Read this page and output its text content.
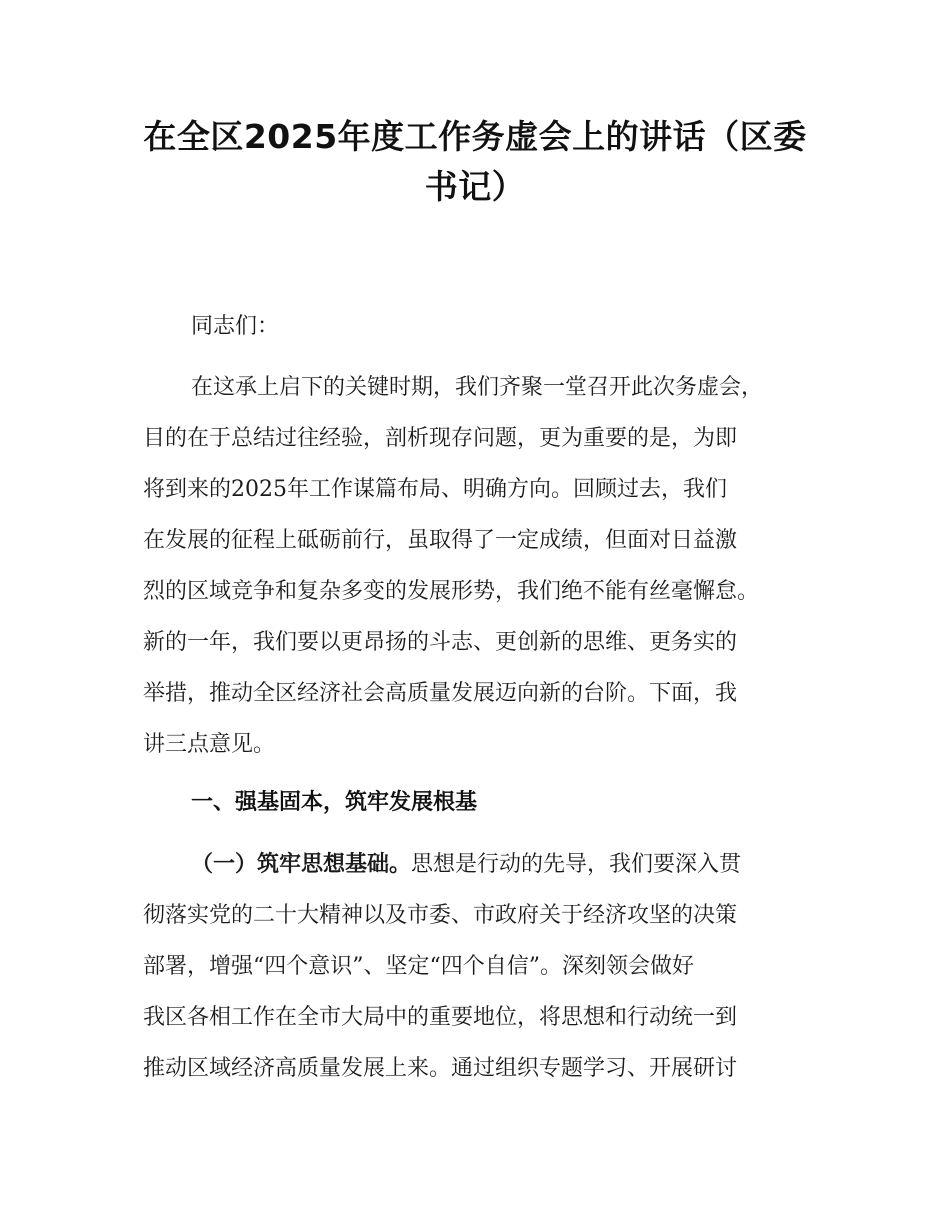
在全区2025年度工作务虚会上的讲话（区委
书记）
同志们：
在这承上启下的关键时期，我们齐聚一堂召开此次务虚会，
目的在于总结过往经验，剖析现存问题，更为重要的是，为即
将到来的2025年工作谋篇布局、明确方向。回顾过去，我们
在发展的征程上砥砺前行，虽取得了一定成绩，但面对日益激
烈的区域竞争和复杂多变的发展形势，我们绝不能有丝毫懈怠。
新的一年，我们要以更昂扬的斗志、更创新的思维、更务实的
举措，推动全区经济社会高质量发展迈向新的台阶。下面，我
讲三点意见。
一、强基固本，筑牢发展根基
（一）筑牢思想基础。思想是行动的先导，我们要深入贯
彻落实党的二十大精神以及市委、市政府关于经济攻坚的决策
部署，增强“四个意识”、坚定“四个自信”。深刻领会做好
我区各相工作在全市大局中的重要地位，将思想和行动统一到
推动区域经济高质量发展上来。通过组织专题学习、开展研讨
